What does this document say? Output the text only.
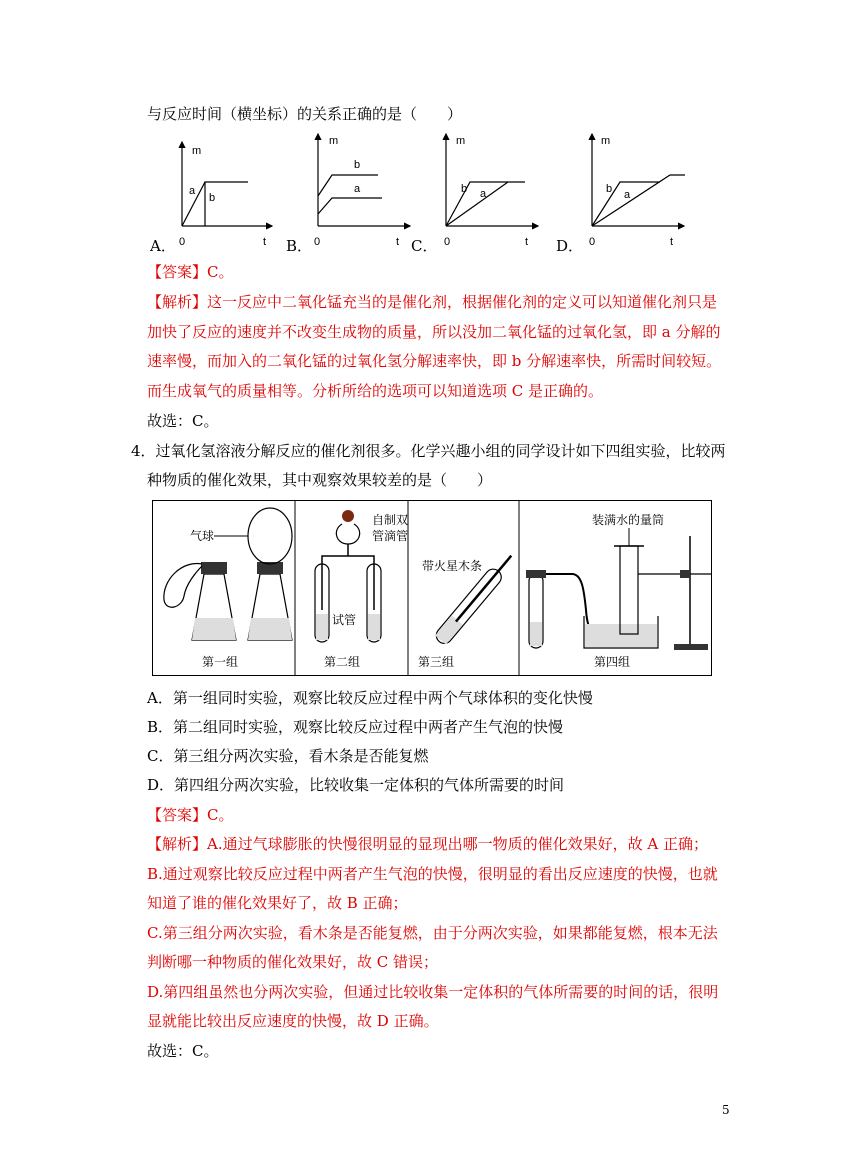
与反应时间（横坐标）的关系正确的是（　　）
m
t
0
a
b
m
t
0
b
a
m
t
0
b a
m
t
0
b a
A．	B．	C．	D．
【答案】C。
【解析】这一反应中二氧化锰充当的是催化剂，根据催化剂的定义可以知道催化剂只是
加快了反应的速度并不改变生成物的质量，所以没加二氧化锰的过氧化氢，即 a 分解的
速率慢，而加入的二氧化锰的过氧化氢分解速率快，即 b 分解速率快，所需时间较短。
而生成氧气的质量相等。分析所给的选项可以知道选项 C 是正确的。
故选：C。
4．过氧化氢溶液分解反应的催化剂很多。化学兴趣小组的同学设计如下四组实验，比较两
种物质的催化效果，其中观察效果较差的是（　　）
气球
第一组
自制双
管滴管
试管
第二组
带火星木条
第三组
装满水的量筒
第四组
A．第一组同时实验，观察比较反应过程中两个气球体积的变化快慢
B．第二组同时实验，观察比较反应过程中两者产生气泡的快慢
C．第三组分两次实验，看木条是否能复燃
D．第四组分两次实验，比较收集一定体积的气体所需要的时间
【答案】C。
【解析】A.通过气球膨胀的快慢很明显的显现出哪一物质的催化效果好，故 A 正确；
B.通过观察比较反应过程中两者产生气泡的快慢，很明显的看出反应速度的快慢，也就
知道了谁的催化效果好了，故 B 正确；
C.第三组分两次实验，看木条是否能复燃，由于分两次实验，如果都能复燃，根本无法
判断哪一种物质的催化效果好，故 C 错误；
D.第四组虽然也分两次实验，但通过比较收集一定体积的气体所需要的时间的话，很明
显就能比较出反应速度的快慢，故 D 正确。
故选：C。
5
